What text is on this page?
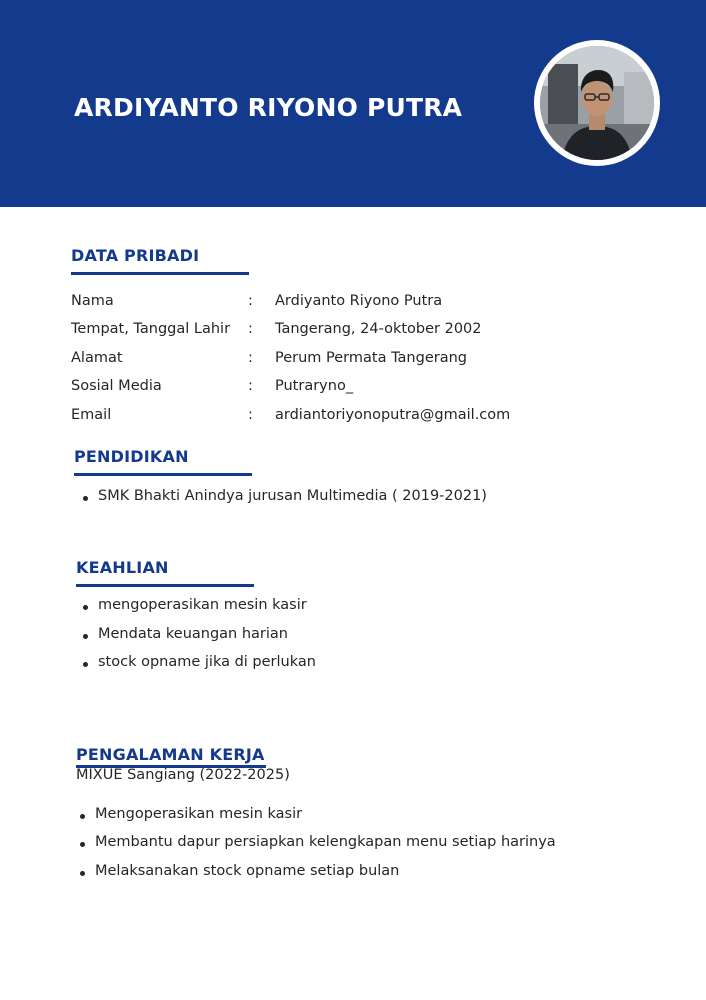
ARDIYANTO RIYONO PUTRA
DATA PRIBADI
Nama	: Ardiyanto Riyono Putra
Tempat, Tanggal Lahir : Tangerang, 24-oktober 2002
Alamat	: Perum Permata Tangerang
Sosial Media	: Putraryno_
Email	: ardiantoriyonoputra@gmail.com
PENDIDIKAN
SMK Bhakti Anindya jurusan Multimedia ( 2019-2021)
KEAHLIAN
mengoperasikan mesin kasir
Mendata keuangan harian
stock opname jika di perlukan
PENGALAMAN KERJA
MIXUE Sangiang (2022-2025)
Mengoperasikan mesin kasir
Membantu dapur persiapkan kelengkapan menu setiap harinya
Melaksanakan stock opname setiap bulan
